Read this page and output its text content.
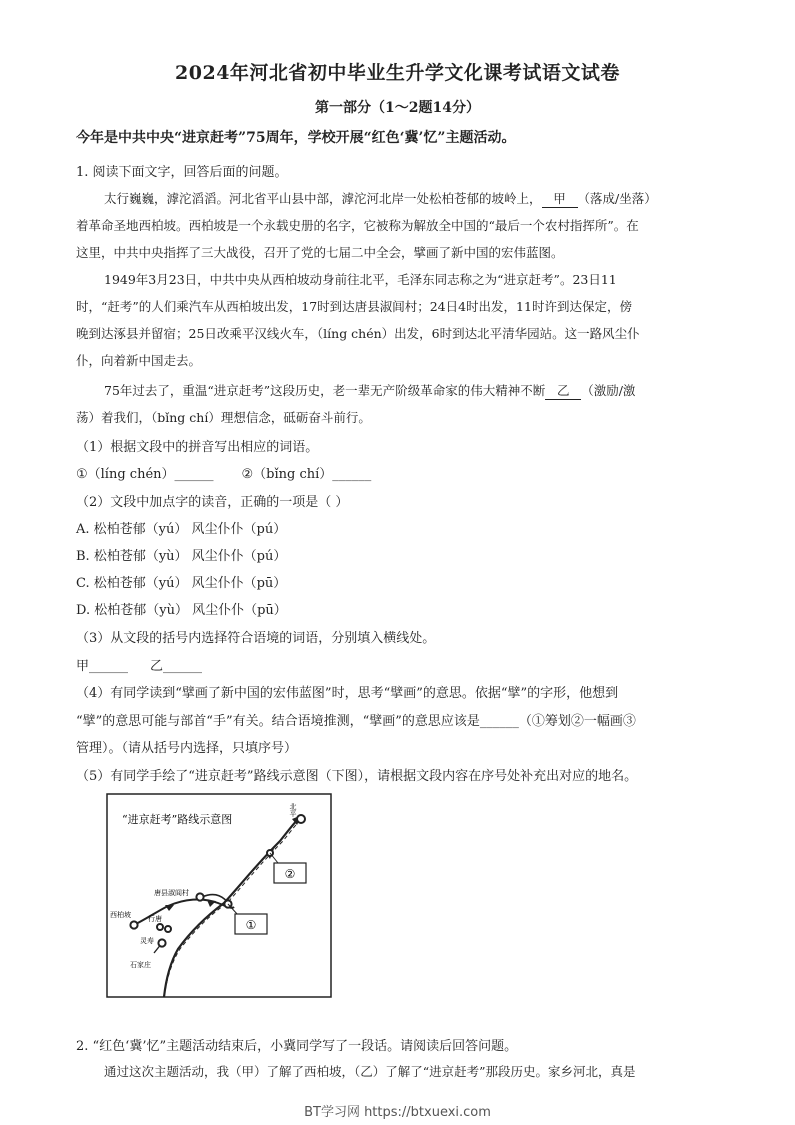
2024年河北省初中毕业生升学文化课考试语文试卷
第一部分（1～2题14分）
今年是中共中央“进京赶考”75周年，学校开展“红色‘冀’忆”主题活动。
1. 阅读下面文字，回答后面的问题。
太行巍巍，滹沱滔滔。河北省平山县中部，滹沱河北岸一处松柏苍郁的坡岭上， 甲 （落成/坐落）
着革命圣地西柏坡。西柏坡是一个永载史册的名字，它被称为解放全中国的“最后一个农村指挥所”。在
这里，中共中央指挥了三大战役，召开了党的七届二中全会，擘画了新中国的宏伟蓝图。
1949年3月23日，中共中央从西柏坡动身前往北平，毛泽东同志称之为“进京赶考”。23日11
时，“赶考”的人们乘汽车从西柏坡出发，17时到达唐县淑闾村；24日4时出发，11时许到达保定，傍
晚到达涿县并留宿；25日改乘平汉线火车，（líng chén）出发，6时到达北平清华园站。这一路风尘仆
仆，向着新中国走去。
75年过去了，重温“进京赶考”这段历史，老一辈无产阶级革命家的伟大精神不断 乙 （激励/激
荡）着我们，（bǐng chí）理想信念，砥砺奋斗前行。
（1）根据文段中的拼音写出相应的词语。
①（líng chén）______ ②（bǐng chí）______
（2）文段中加点字的读音，正确的一项是（ ）
A. 松柏苍郁（yú） 风尘仆仆（pú）
B. 松柏苍郁（yù） 风尘仆仆（pú）
C. 松柏苍郁（yú） 风尘仆仆（pū）
D. 松柏苍郁（yù） 风尘仆仆（pū）
（3）从文段的括号内选择符合语境的词语，分别填入横线处。
甲______ 乙______
（4）有同学读到“擘画了新中国的宏伟蓝图”时，思考“擘画”的意思。依据“擘”的字形，他想到
“擘”的意思可能与部首“手”有关。结合语境推测，“擘画”的意思应该是______（①筹划②一幅画③
管理）。（请从括号内选择，只填序号）
（5）有同学手绘了“进京赶考”路线示意图（下图），请根据文段内容在序号处补充出对应的地名。
“进京赶考”路线示意图
北平
西柏坡
唐县淑闾村
行唐
灵寿
石家庄
①
②
2. “红色‘冀’忆”主题活动结束后，小冀同学写了一段话。请阅读后回答问题。
通过这次主题活动，我（甲）了解了西柏坡，（乙）了解了“进京赶考”那段历史。家乡河北，真是
BT学习网 https://btxuexi.com
